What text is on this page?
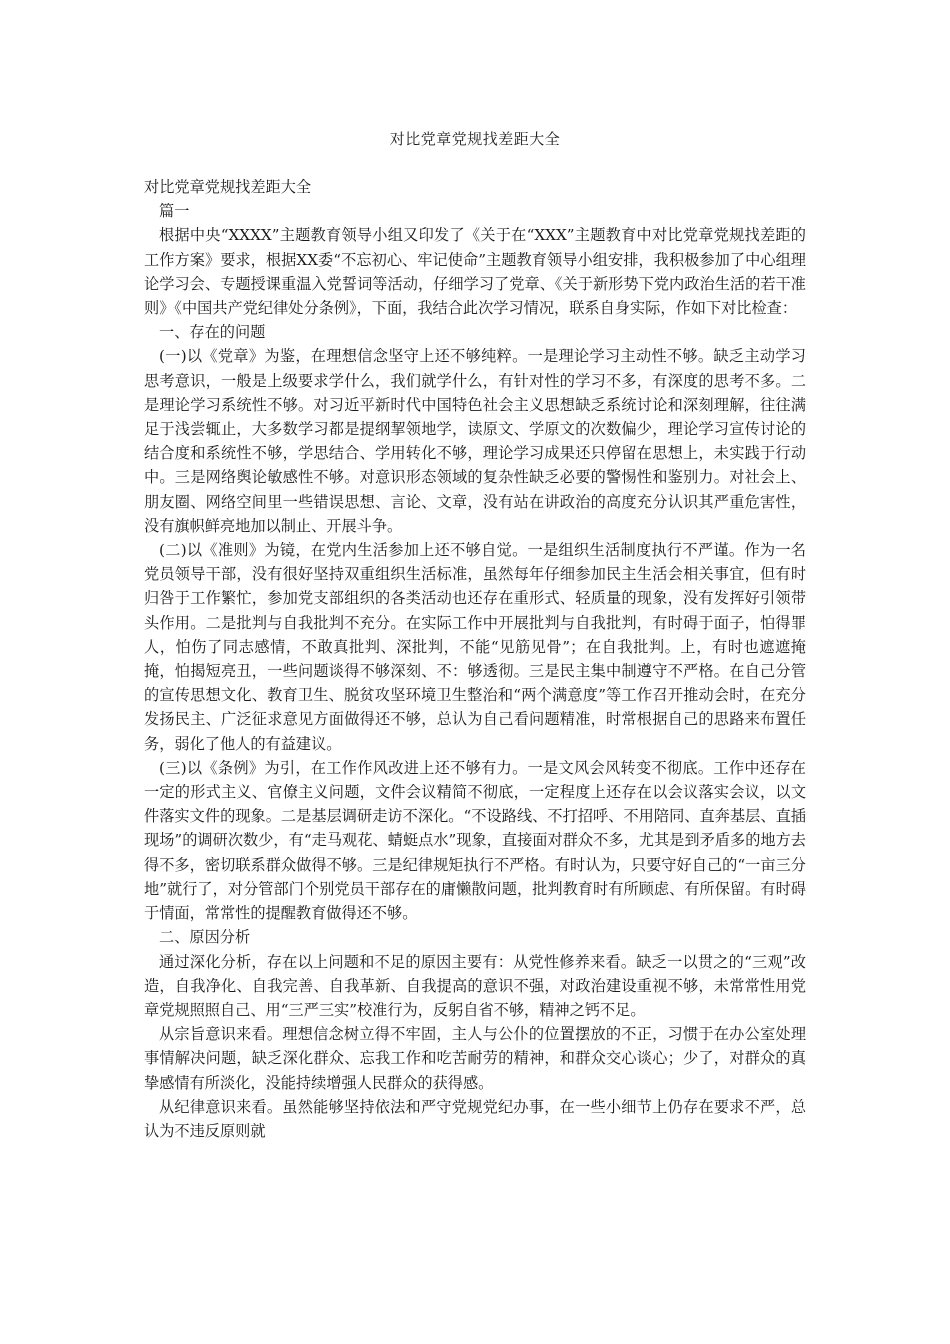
对比党章党规找差距大全

对比党章党规找差距大全

篇一

根据中央“XXXX”主题教育领导小组又印发了《关于在“XXX”主题教育中对比党章党规找差距的工作方案》要求，根据XX委“不忘初心、牢记使命”主题教育领导小组安排，我积极参加了中心组理论学习会、专题授课重温入党誓词等活动，仔细学习了党章、《关于新形势下党内政治生活的若干准则》《中国共产党纪律处分条例》，下面，我结合此次学习情况，联系自身实际，作如下对比检查：

一、存在的问题

(一)以《党章》为鉴，在理想信念坚守上还不够纯粹。一是理论学习主动性不够。缺乏主动学习思考意识，一般是上级要求学什么，我们就学什么，有针对性的学习不多，有深度的思考不多。二是理论学习系统性不够。对习近平新时代中国特色社会主义思想缺乏系统讨论和深刻理解，往往满足于浅尝辄止，大多数学习都是提纲挈领地学，读原文、学原文的次数偏少，理论学习宣传讨论的结合度和系统性不够，学思结合、学用转化不够，理论学习成果还只停留在思想上，未实践于行动中。三是网络舆论敏感性不够。对意识形态领域的复杂性缺乏必要的警惕性和鉴别力。对社会上、朋友圈、网络空间里一些错误思想、言论、文章，没有站在讲政治的高度充分认识其严重危害性，没有旗帜鲜亮地加以制止、开展斗争。

(二)以《准则》为镜，在党内生活参加上还不够自觉。一是组织生活制度执行不严谨。作为一名党员领导干部，没有很好坚持双重组织生活标准，虽然每年仔细参加民主生活会相关事宜，但有时归咎于工作繁忙，参加党支部组织的各类活动也还存在重形式、轻质量的现象，没有发挥好引领带头作用。二是批判与自我批判不充分。在实际工作中开展批判与自我批判，有时碍于面子，怕得罪人，怕伤了同志感情，不敢真批判、深批判，不能“见筋见骨”；在自我批判。上，有时也遮遮掩掩，怕揭短亮丑，一些问题谈得不够深刻、不：够透彻。三是民主集中制遵守不严格。在自己分管的宣传思想文化、教育卫生、脱贫攻坚环境卫生整治和“两个满意度”等工作召开推动会时，在充分发扬民主、广泛征求意见方面做得还不够，总认为自己看问题精准，时常根据自己的思路来布置任务，弱化了他人的有益建议。

(三)以《条例》为引，在工作作风改进上还不够有力。一是文风会风转变不彻底。工作中还存在一定的形式主义、官僚主义问题，文件会议精简不彻底，一定程度上还存在以会议落实会议，以文件落实文件的现象。二是基层调研走访不深化。“不设路线、不打招呼、不用陪同、直奔基层、直插现场”的调研次数少，有“走马观花、蜻蜓点水”现象，直接面对群众不多，尤其是到矛盾多的地方去得不多，密切联系群众做得不够。三是纪律规矩执行不严格。有时认为，只要守好自己的“一亩三分地”就行了，对分管部门个别党员干部存在的庸懒散问题，批判教育时有所顾虑、有所保留。有时碍于情面，常常性的提醒教育做得还不够。

二、原因分析

通过深化分析，存在以上问题和不足的原因主要有：从党性修养来看。缺乏一以贯之的“三观”改造，自我净化、自我完善、自我革新、自我提高的意识不强，对政治建设重视不够，未常常性用党章党规照照自己、用“三严三实”校准行为，反躬自省不够，精神之钙不足。

从宗旨意识来看。理想信念树立得不牢固，主人与公仆的位置摆放的不正，习惯于在办公室处理事情解决问题，缺乏深化群众、忘我工作和吃苦耐劳的精神，和群众交心谈心；少了，对群众的真挚感情有所淡化，没能持续增强人民群众的获得感。

从纪律意识来看。虽然能够坚持依法和严守党规党纪办事，在一些小细节上仍存在要求不严，总认为不违反原则就
